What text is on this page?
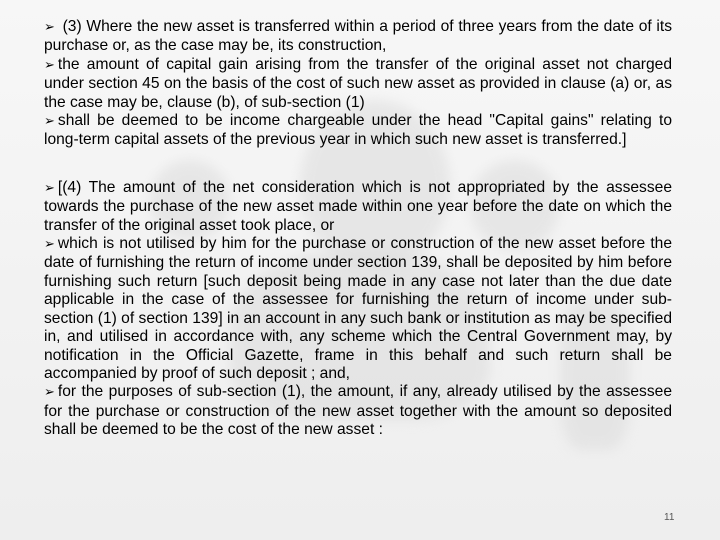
➢ (3) Where the new asset is transferred within a period of three years from the date of its purchase or, as the case may be, its construction,

➢ the amount of capital gain arising from the transfer of the original asset not charged under section 45 on the basis of the cost of such new asset as provided in clause (a) or, as the case may be, clause (b), of sub-section (1)

➢ shall be deemed to be income chargeable under the head "Capital gains" relating to long-term capital assets of the previous year in which such new asset is transferred.]

➢ [(4) The amount of the net consideration which is not appropriated by the assessee towards the purchase of the new asset made within one year before the date on which the transfer of the original asset took place, or

➢ which is not utilised by him for the purchase or construction of the new asset before the date of furnishing the return of income under section 139, shall be deposited by him before furnishing such return [such deposit being made in any case not later than the due date applicable in the case of the assessee for furnishing the return of income under sub-section (1) of section 139] in an account in any such bank or institution as may be specified in, and utilised in accordance with, any scheme which the Central Government may, by notification in the Official Gazette, frame in this behalf and such return shall be accompanied by proof of such deposit ; and,

➢ for the purposes of sub-section (1), the amount, if any, already utilised by the assessee for the purchase or construction of the new asset together with the amount so deposited shall be deemed to be the cost of the new asset :

11
